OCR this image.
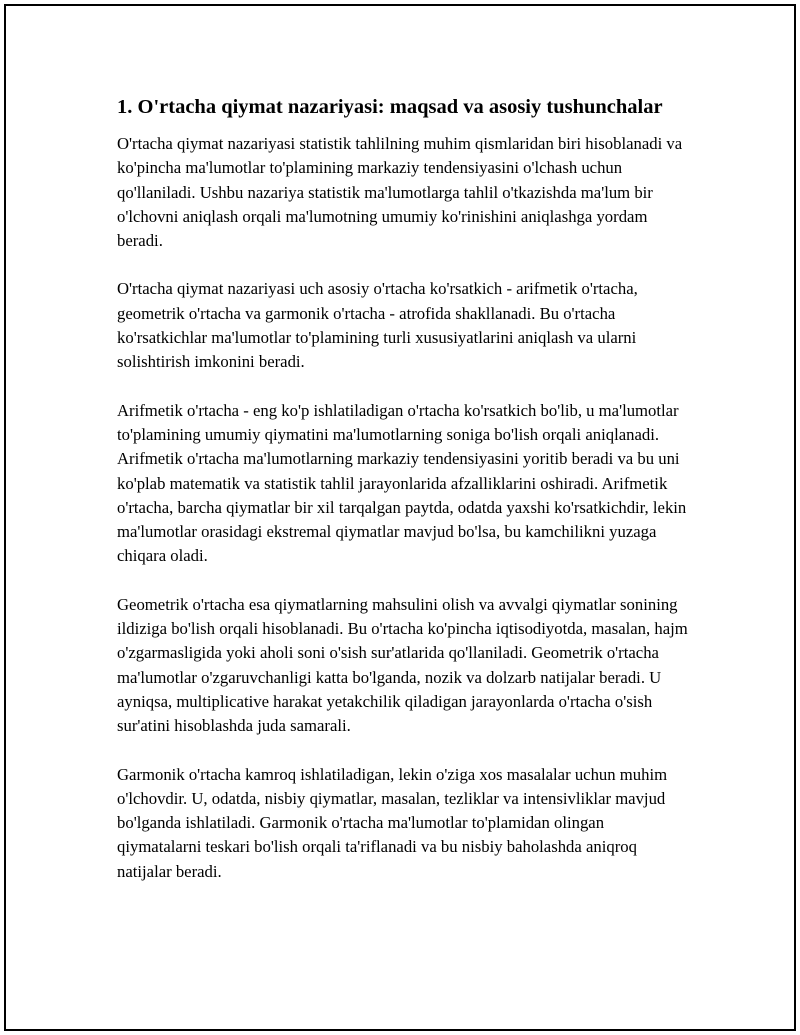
1. O'rtacha qiymat nazariyasi: maqsad va asosiy tushunchalar

O'rtacha qiymat nazariyasi statistik tahlilning muhim qismlaridan biri hisoblanadi va ko'pincha ma'lumotlar to'plamining markaziy tendensiyasini o'lchash uchun qo'llaniladi. Ushbu nazariya statistik ma'lumotlarga tahlil o'tkazishda ma'lum bir o'lchovni aniqlash orqali ma'lumotning umumiy ko'rinishini aniqlashga yordam beradi.

O'rtacha qiymat nazariyasi uch asosiy o'rtacha ko'rsatkich - arifmetik o'rtacha, geometrik o'rtacha va garmonik o'rtacha - atrofida shakllanadi. Bu o'rtacha ko'rsatkichlar ma'lumotlar to'plamining turli xususiyatlarini aniqlash va ularni solishtirish imkonini beradi.

Arifmetik o'rtacha - eng ko'p ishlatiladigan o'rtacha ko'rsatkich bo'lib, u ma'lumotlar to'plamining umumiy qiymatini ma'lumotlarning soniga bo'lish orqali aniqlanadi. Arifmetik o'rtacha ma'lumotlarning markaziy tendensiyasini yoritib beradi va bu uni ko'plab matematik va statistik tahlil jarayonlarida afzalliklarini oshiradi. Arifmetik o'rtacha, barcha qiymatlar bir xil tarqalgan paytda, odatda yaxshi ko'rsatkichdir, lekin ma'lumotlar orasidagi ekstremal qiymatlar mavjud bo'lsa, bu kamchilikni yuzaga chiqara oladi.

Geometrik o'rtacha esa qiymatlarning mahsulini olish va avvalgi qiymatlar sonining ildiziga bo'lish orqali hisoblanadi. Bu o'rtacha ko'pincha iqtisodiyotda, masalan, hajm o'zgarmasligida yoki aholi soni o'sish sur'atlarida qo'llaniladi. Geometrik o'rtacha ma'lumotlar o'zgaruvchanligi katta bo'lganda, nozik va dolzarb natijalar beradi. U ayniqsa, multiplicative harakat yetakchilik qiladigan jarayonlarda o'rtacha o'sish sur'atini hisoblashda juda samarali.

Garmonik o'rtacha kamroq ishlatiladigan, lekin o'ziga xos masalalar uchun muhim o'lchovdir. U, odatda, nisbiy qiymatlar, masalan, tezliklar va intensivliklar mavjud bo'lganda ishlatiladi. Garmonik o'rtacha ma'lumotlar to'plamidan olingan qiymatalarni teskari bo'lish orqali ta'riflanadi va bu nisbiy baholashda aniqroq natijalar beradi.
